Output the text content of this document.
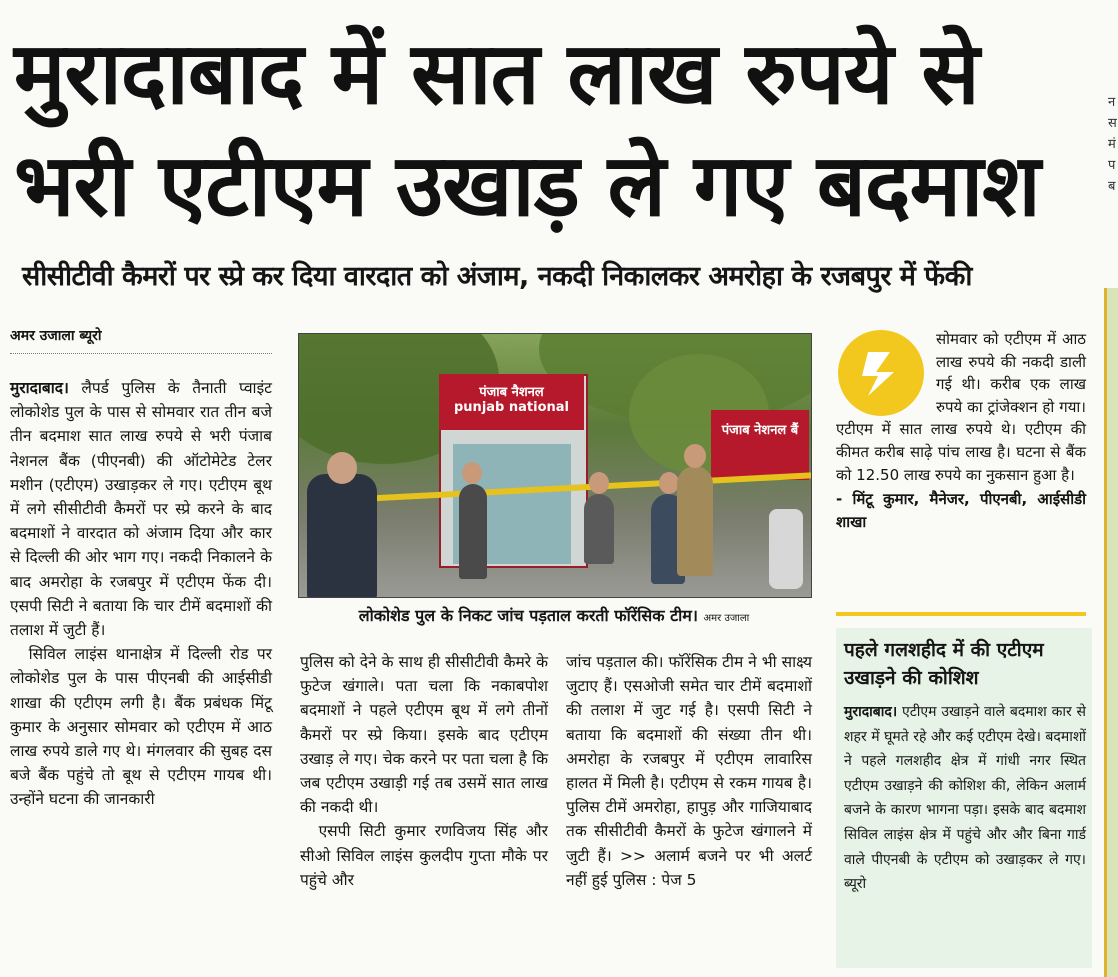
मुरादाबाद में सात लाख रुपये से
भरी एटीएम उखाड़ ले गए बदमाश
सीसीटीवी कैमरों पर स्प्रे कर दिया वारदात को अंजाम, नकदी निकालकर अमरोहा के रजबपुर में फेंकी
अमर उजाला ब्यूरो

मुरादाबाद। लैपर्ड पुलिस के तैनाती प्वाइंट लोकोशेड पुल के पास से सोमवार रात तीन बजे तीन बदमाश सात लाख रुपये से भरी पंजाब नेशनल बैंक (पीएनबी) की ऑटोमेटेड टेलर मशीन (एटीएम) उखाड़कर ले गए। एटीएम बूथ में लगे सीसीटीवी कैमरों पर स्प्रे करने के बाद बदमाशों ने वारदात को अंजाम दिया और कार से दिल्ली की ओर भाग गए। नकदी निकालने के बाद अमरोहा के रजबपुर में एटीएम फेंक दी। एसपी सिटी ने बताया कि चार टीमें बदमाशों की तलाश में जुटी हैं।

सिविल लाइंस थानाक्षेत्र में दिल्ली रोड पर लोकोशेड पुल के पास पीएनबी की आईसीडी शाखा की एटीएम लगी है। बैंक प्रबंधक मिंटू कुमार के अनुसार सोमवार को एटीएम में आठ लाख रुपये डाले गए थे। मंगलवार की सुबह दस बजे बैंक पहुंचे तो बूथ से एटीएम गायब थी। उन्होंने घटना की जानकारी

पंजाब नैशनल
punjab national
पंजाब नेशनल बैं
लोकोशेड पुल के निकट जांच पड़ताल करती फॉरेंसिक टीम। अमर उजाला

पुलिस को देने के साथ ही सीसीटीवी कैमरे के फुटेज खंगाले। पता चला कि नकाबपोश बदमाशों ने पहले एटीएम बूथ में लगे तीनों कैमरों पर स्प्रे किया। इसके बाद एटीएम उखाड़ ले गए। चेक करने पर पता चला है कि जब एटीएम उखाड़ी गई तब उसमें सात लाख की नकदी थी।

एसपी सिटी कुमार रणविजय सिंह और सीओ सिविल लाइंस कुलदीप गुप्ता मौके पर पहुंचे और

जांच पड़ताल की। फॉरेंसिक टीम ने भी साक्ष्य जुटाए हैं। एसओजी समेत चार टीमें बदमाशों की तलाश में जुट गई है। एसपी सिटी ने बताया कि बदमाशों की संख्या तीन थी। अमरोहा के रजबपुर में एटीएम लावारिस हालत में मिली है। एटीएम से रकम गायब है। पुलिस टीमें अमरोहा, हापुड़ और गाजियाबाद तक सीसीटीवी कैमरों के फुटेज खंगालने में जुटी हैं। >> अलार्म बजने पर भी अलर्ट नहीं हुई पुलिस : पेज 5

सोमवार को एटीएम में आठ लाख रुपये की नकदी डाली गई थी। करीब एक लाख रुपये का ट्रांजेक्शन हो गया। एटीएम में सात लाख रुपये थे। एटीएम की कीमत करीब साढ़े पांच लाख है। घटना से बैंक को 12.50 लाख रुपये का नुकसान हुआ है।
- मिंटू कुमार, मैनेजर, पीएनबी, आईसीडी शाखा
पहले गलशहीद में की एटीएम उखाड़ने की कोशिश

मुरादाबाद। एटीएम उखाड़ने वाले बदमाश कार से शहर में घूमते रहे और कई एटीएम देखे। बदमाशों ने पहले गलशहीद क्षेत्र में गांधी नगर स्थित एटीएम उखाड़ने की कोशिश की, लेकिन अलार्म बजने के कारण भागना पड़ा। इसके बाद बदमाश सिविल लाइंस क्षेत्र में पहुंचे और और बिना गार्ड वाले पीएनबी के एटीएम को उखाड़कर ले गए। ब्यूरो

न
स
मं
प
ब
